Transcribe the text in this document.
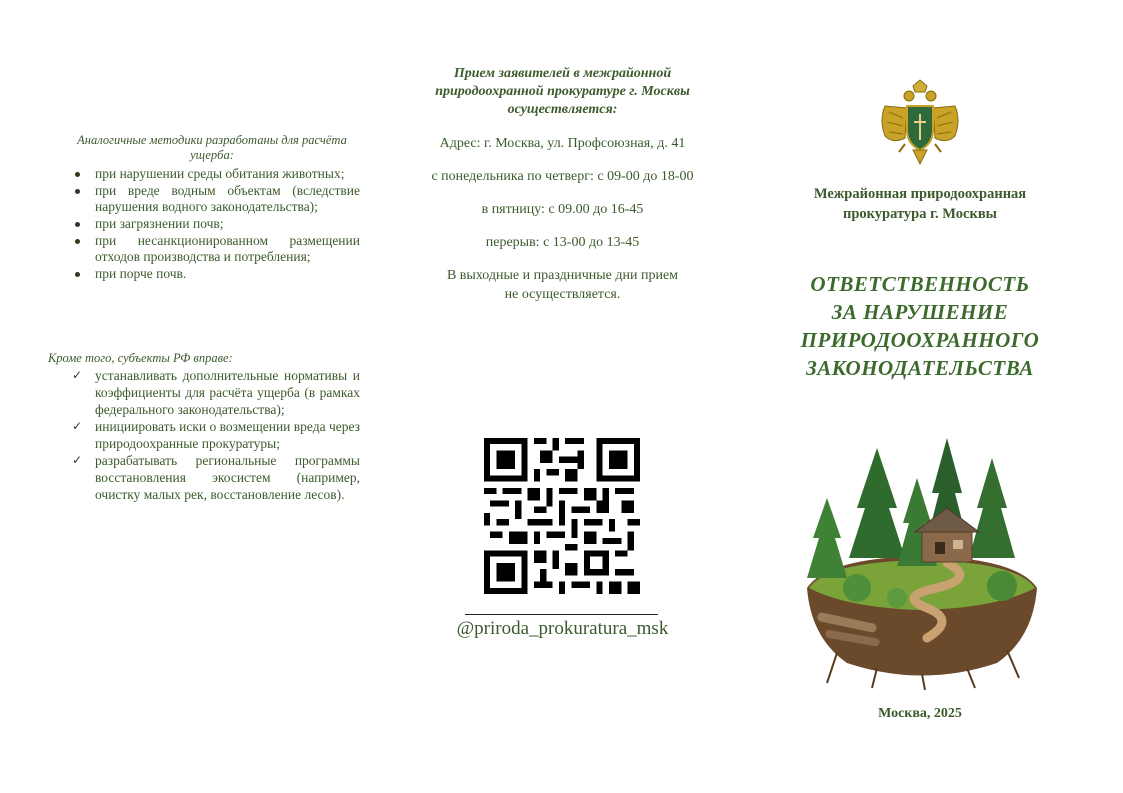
Аналогичные методики разработаны для расчёта ущерба:
при нарушении среды обитания животных;
при вреде водным объектам (вследствие нарушения водного законодательства);
при загрязнении почв;
при несанкционированном размещении отходов производства и потребления;
при порче почв.
Кроме того, субъекты РФ вправе:
✓ устанавливать дополнительные нормативы и коэффициенты для расчёта ущерба (в рамках федерального законодательства);
✓ инициировать иски о возмещении вреда через природоохранные прокуратуры;
✓ разрабатывать региональные программы восстановления экосистем (например, очистку малых рек, восстановление лесов).
Прием заявителей в межрайонной природоохранной прокуратуре г. Москвы осуществляется:
Адрес: г. Москва, ул. Профсоюзная, д. 41
с понедельника по четверг: с 09-00 до 18-00
в пятницу: с 09.00 до 16-45
перерыв: с 13-00 до 13-45
В выходные и праздничные дни прием
не осуществляется.
@priroda_prokuratura_msk
Межрайонная природоохранная
прокуратура г. Москвы
ОТВЕТСТВЕННОСТЬ
ЗА НАРУШЕНИЕ
ПРИРОДООХРАННОГО
ЗАКОНОДАТЕЛЬСТВА
Москва, 2025
